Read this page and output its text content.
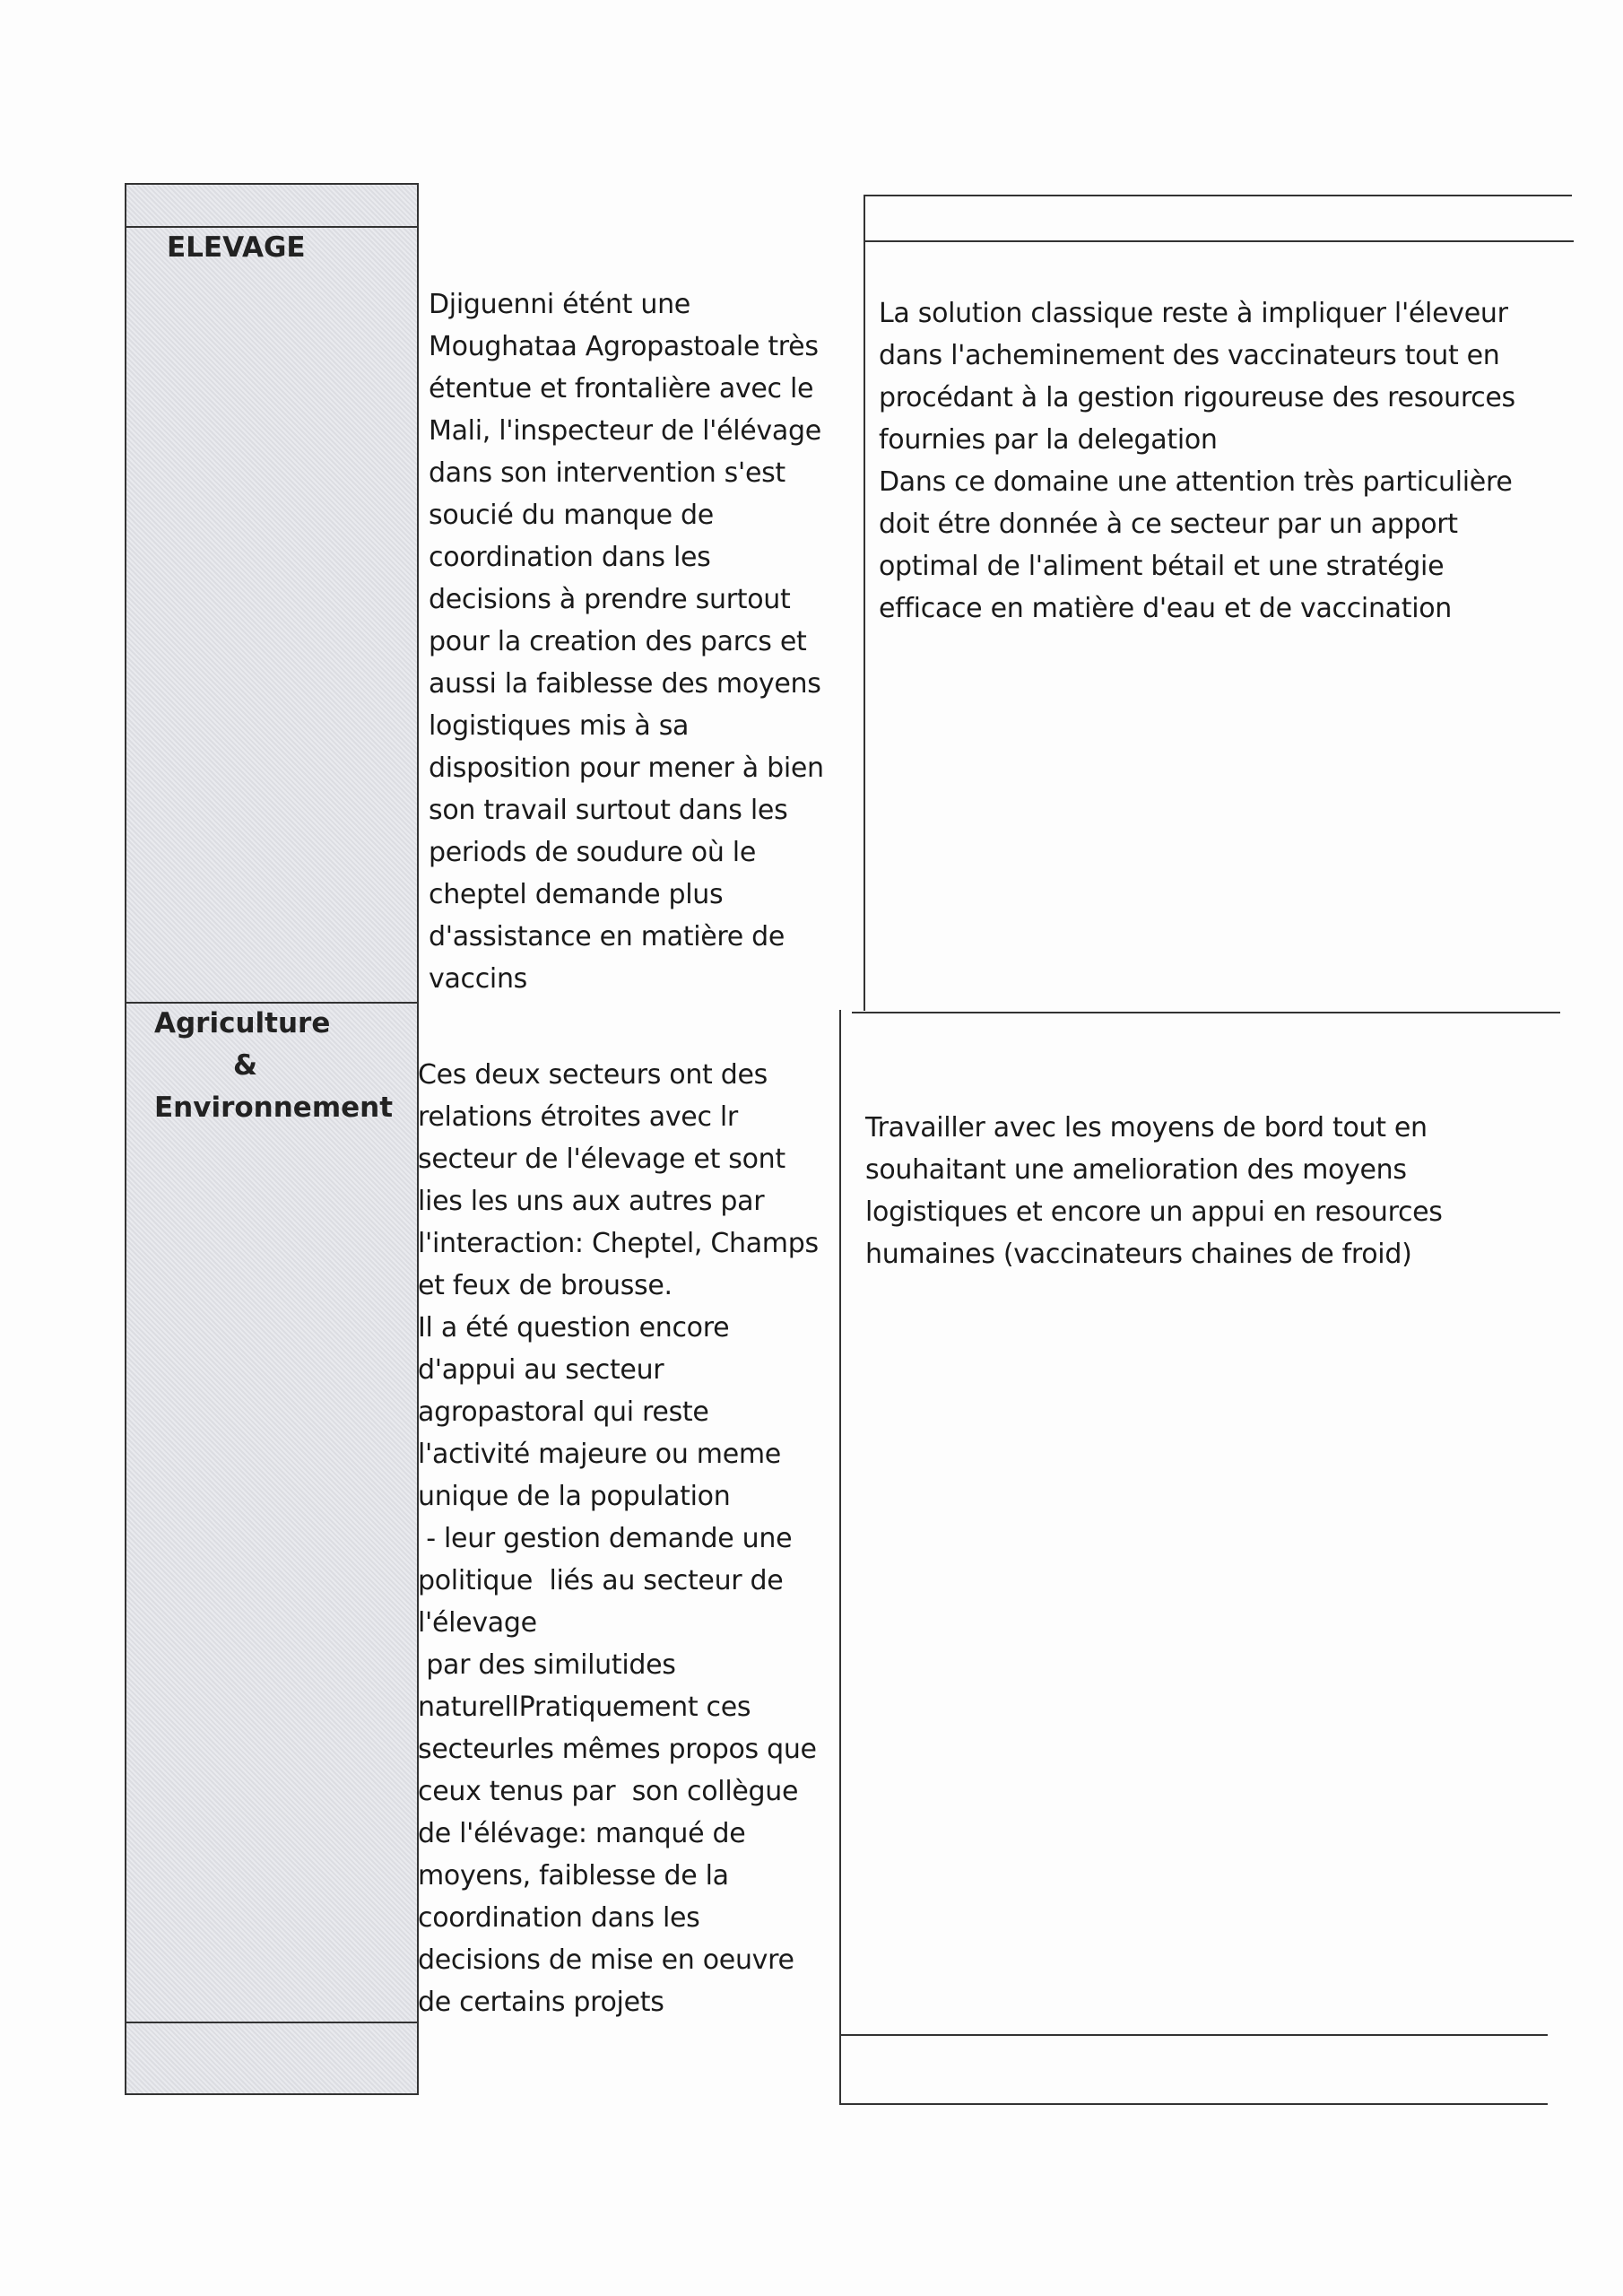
ELEVAGE
Agriculture
&
Environnement
Djiguenni étént une
Moughataa Agropastoale très
étentue et frontalière avec le
Mali, l'inspecteur de l'élévage
dans son intervention s'est
soucié du manque de
coordination dans les
decisions à prendre surtout
pour la creation des parcs et
aussi la faiblesse des moyens
logistiques mis à sa
disposition pour mener à bien
son travail surtout dans les
periods de soudure où le
cheptel demande plus
d'assistance en matière de
vaccins
La solution classique reste à impliquer l'éleveur
dans l'acheminement des vaccinateurs tout en
procédant à la gestion rigoureuse des resources
fournies par la delegation
Dans ce domaine une attention très particulière
doit étre donnée à ce secteur par un apport
optimal de l'aliment bétail et une stratégie
efficace en matière d'eau et de vaccination
Ces deux secteurs ont des
relations étroites avec lr
secteur de l'élevage et sont
lies les uns aux autres par
l'interaction: Cheptel, Champs
et feux de brousse.
Il a été question encore
d'appui au secteur
agropastoral qui reste
l'activité majeure ou meme
unique de la population
- leur gestion demande une
politique  liés au secteur de
l'élevage
par des similutides
naturellPratiquement ces
secteurles mêmes propos que
ceux tenus par  son collègue
de l'élévage: manqué de
moyens, faiblesse de la
coordination dans les
decisions de mise en oeuvre
de certains projets
Travailler avec les moyens de bord tout en
souhaitant une amelioration des moyens
logistiques et encore un appui en resources
humaines (vaccinateurs chaines de froid)
